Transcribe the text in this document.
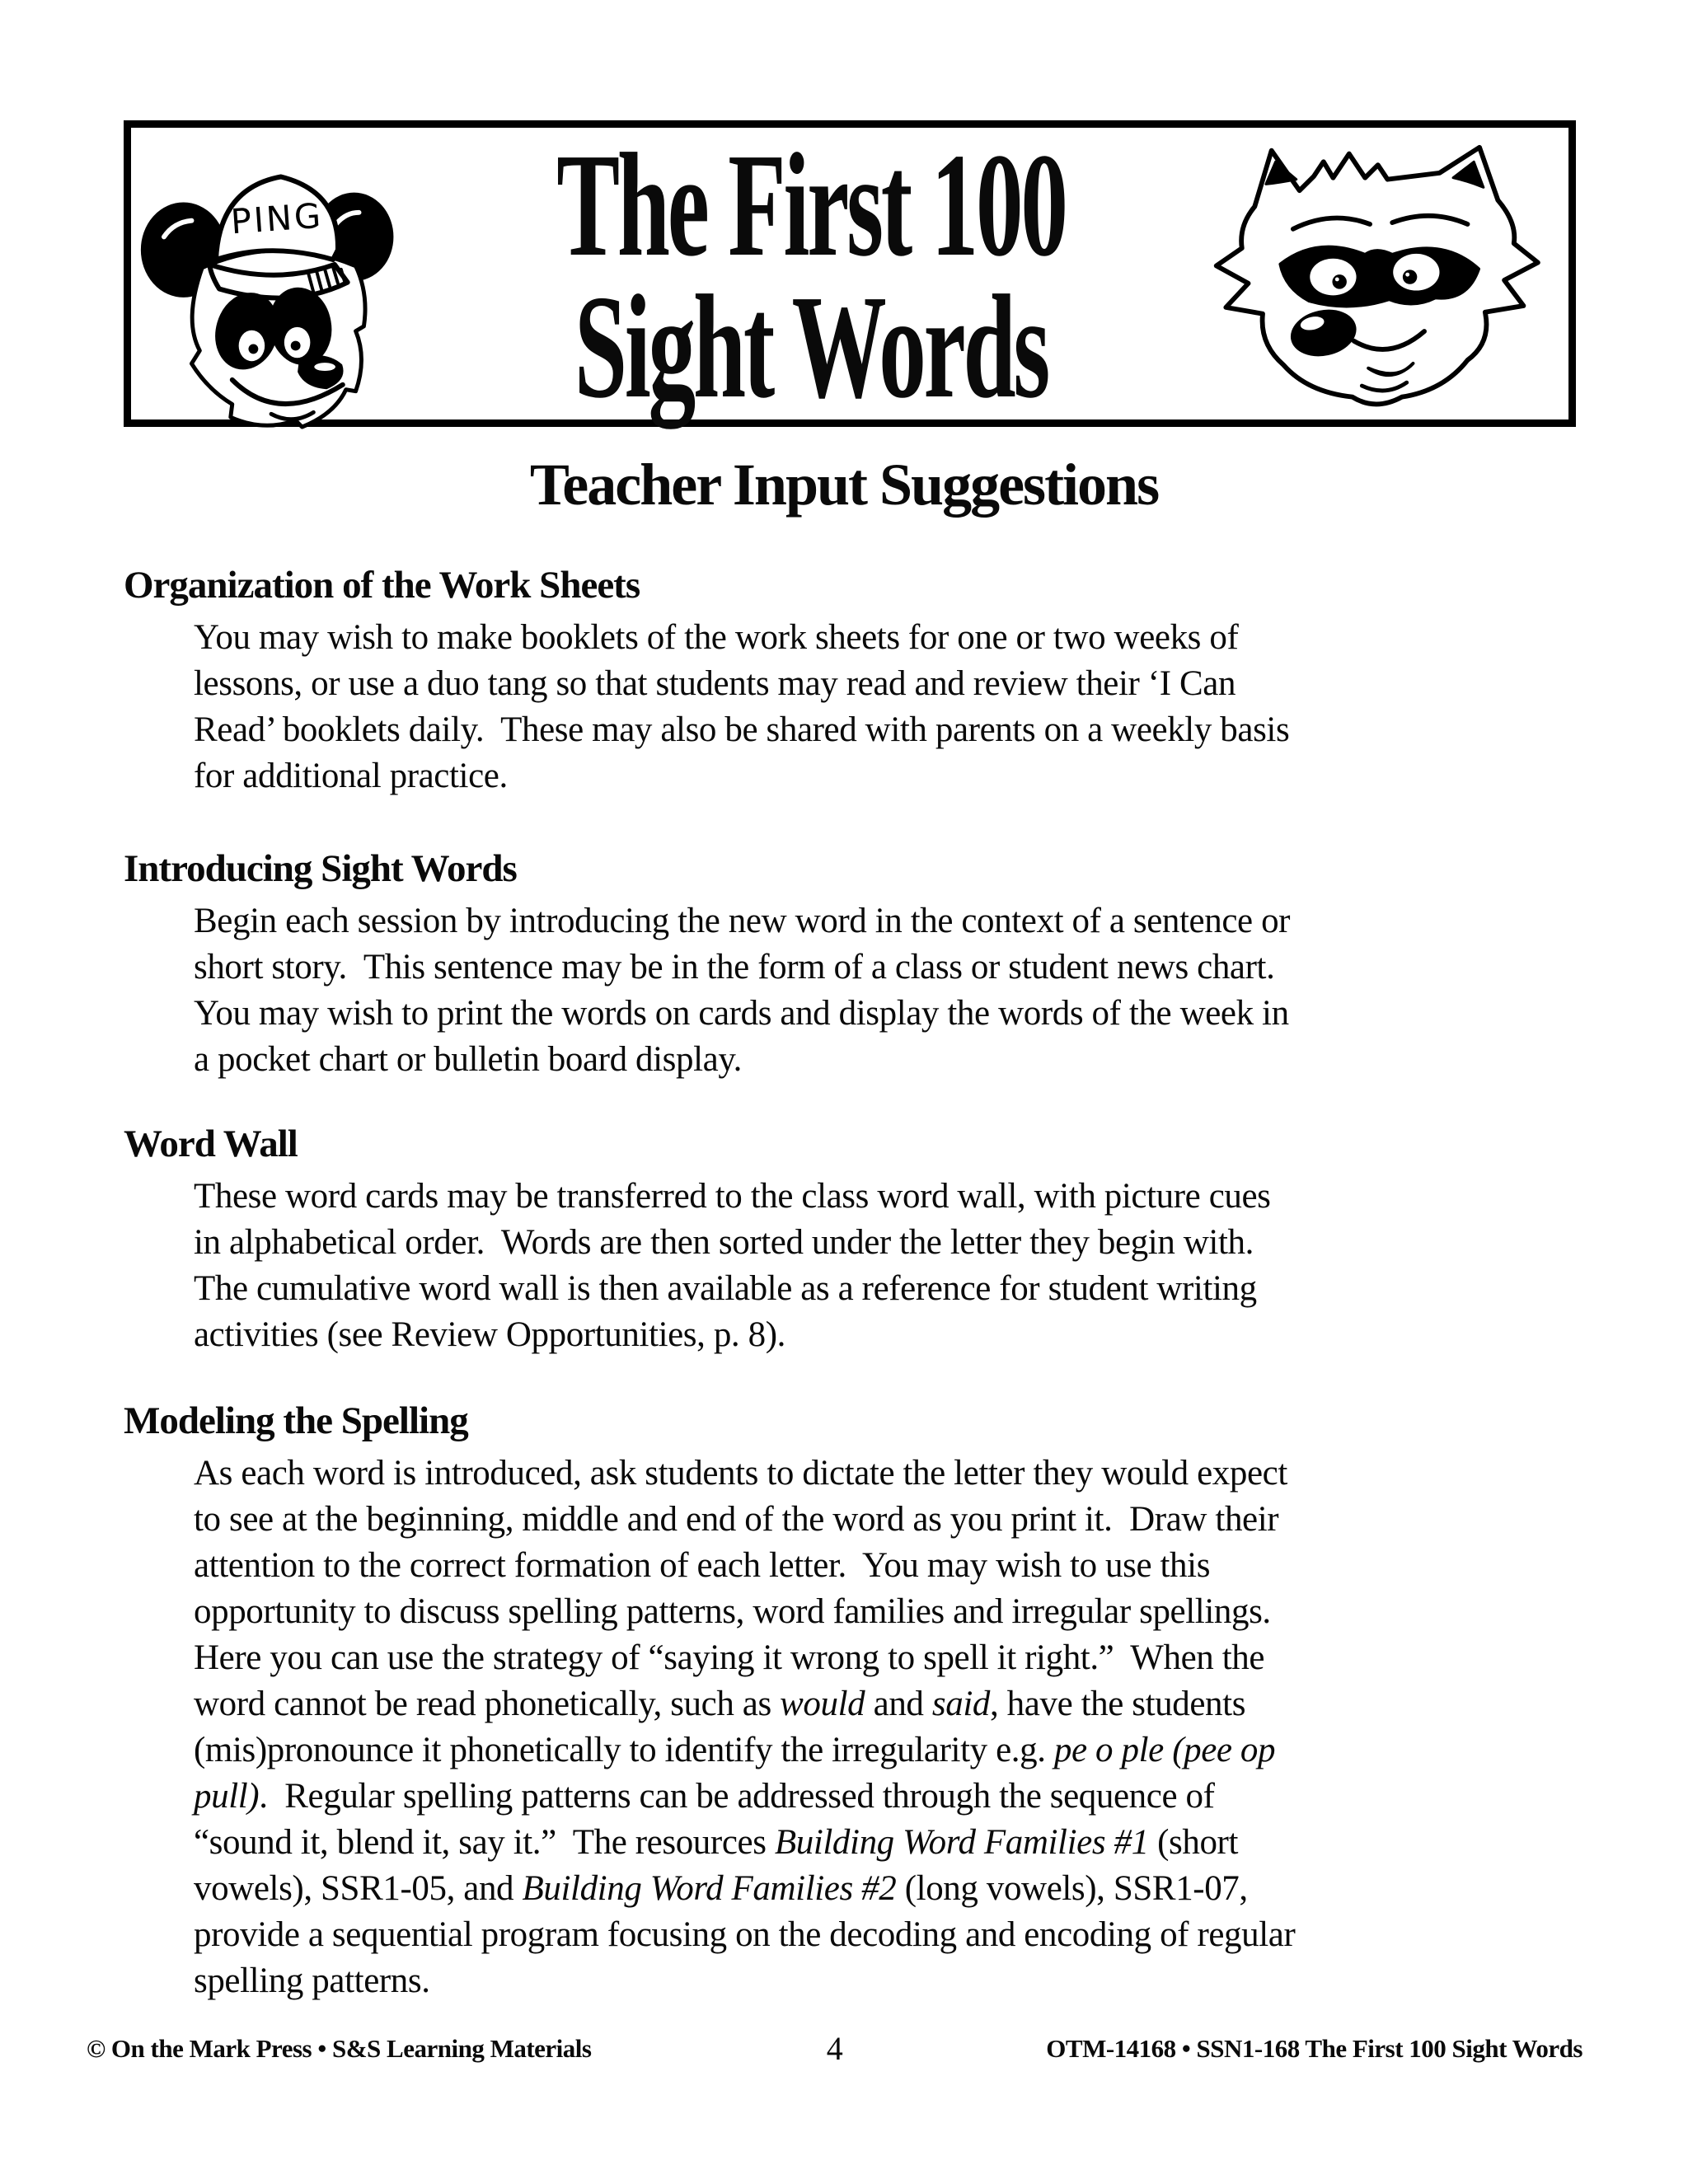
PING The First 100
Sight Words
Teacher Input Suggestions
Organization of the Work Sheets
You may wish to make booklets of the work sheets for one or two weeks of
lessons, or use a duo tang so that students may read and review their ‘I Can
Read’ booklets daily.  These may also be shared with parents on a weekly basis
for additional practice.
Introducing Sight Words
Begin each session by introducing the new word in the context of a sentence or
short story.  This sentence may be in the form of a class or student news chart.
You may wish to print the words on cards and display the words of the week in
a pocket chart or bulletin board display.
Word Wall
These word cards may be transferred to the class word wall, with picture cues
in alphabetical order.  Words are then sorted under the letter they begin with.
The cumulative word wall is then available as a reference for student writing
activities (see Review Opportunities, p. 8).
Modeling the Spelling
As each word is introduced, ask students to dictate the letter they would expect
to see at the beginning, middle and end of the word as you print it.  Draw their
attention to the correct formation of each letter.  You may wish to use this
opportunity to discuss spelling patterns, word families and irregular spellings.
Here you can use the strategy of “saying it wrong to spell it right.”  When the
word cannot be read phonetically, such as would and said, have the students
(mis)pronounce it phonetically to identify the irregularity e.g. pe o ple (pee op
pull).  Regular spelling patterns can be addressed through the sequence of
“sound it, blend it, say it.”  The resources Building Word Families #1 (short
vowels), SSR1-05, and Building Word Families #2 (long vowels), SSR1-07,
provide a sequential program focusing on the decoding and encoding of regular
spelling patterns.
© On the Mark Press • S&S Learning Materials	4	OTM-14168 • SSN1-168 The First 100 Sight Words
